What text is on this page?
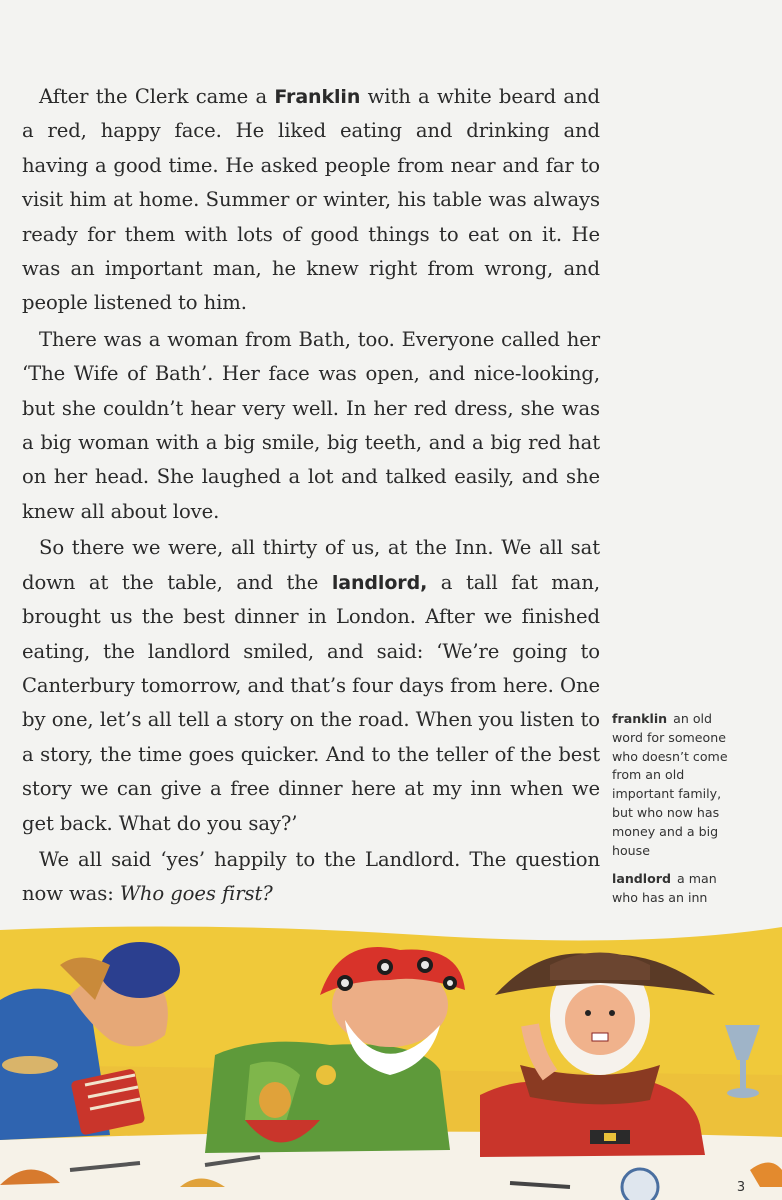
After the Clerk came a Franklin with a white beard and a red, happy face. He liked eating and drinking and having a good time. He asked people from near and far to visit him at home. Summer or winter, his table was always ready for them with lots of good things to eat on it. He was an important man, he knew right from wrong, and people listened to him.

There was a woman from Bath, too. Everyone called her ‘The Wife of Bath’. Her face was open, and nice-looking, but she couldn’t hear very well. In her red dress, she was a big woman with a big smile, big teeth, and a big red hat on her head. She laughed a lot and talked easily, and she knew all about love.

So there we were, all thirty of us, at the Inn. We all sat down at the table, and the landlord, a tall fat man, brought us the best dinner in London. After we finished eating, the landlord smiled, and said: ‘We’re going to Canterbury tomorrow, and that’s four days from here. One by one, let’s all tell a story on the road. When you listen to a story, the time goes quicker. And to the teller of the best story we can give a free dinner here at my inn when we get back. What do you say?’

We all said ‘yes’ happily to the Landlord. The question now was: Who goes first?

franklin an old word for someone who doesn’t come from an old important family, but who now has money and a big house
landlord a man who has an inn
3
